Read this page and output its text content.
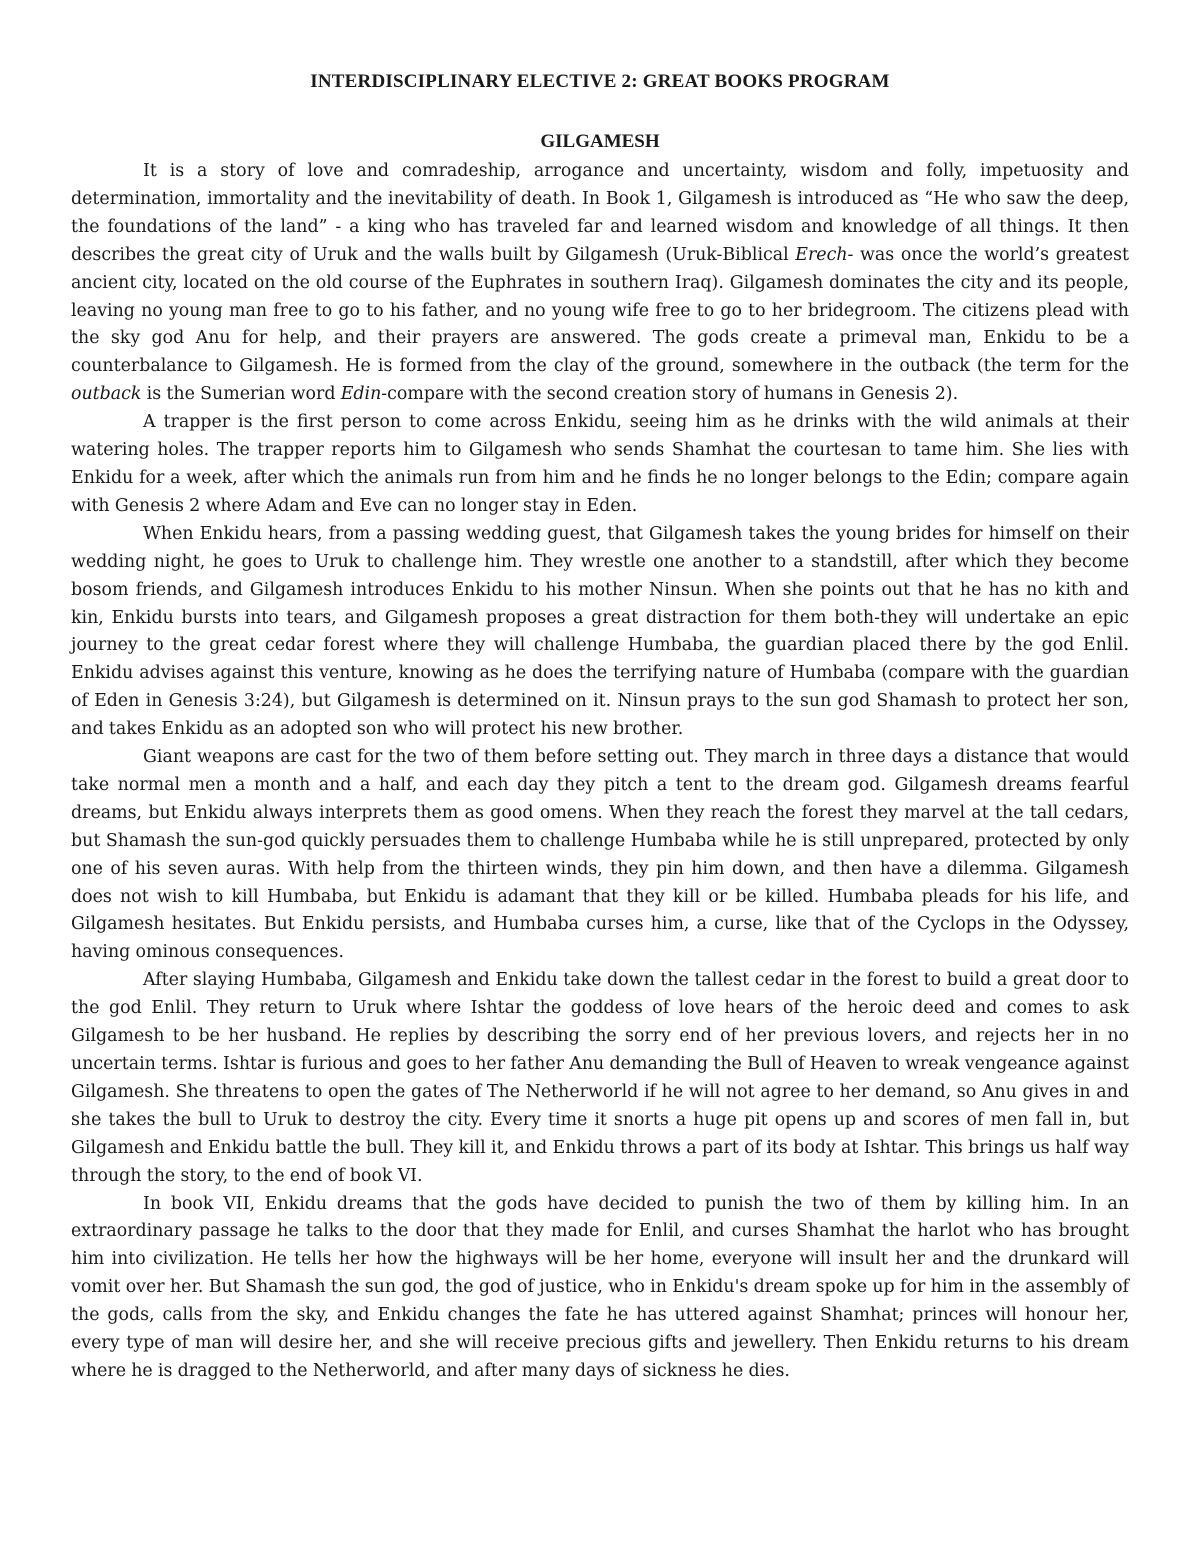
INTERDISCIPLINARY ELECTIVE 2: GREAT BOOKS PROGRAM
GILGAMESH

It is a story of love and comradeship, arrogance and uncertainty, wisdom and folly, impetuosity and determination, immortality and the inevitability of death. In Book 1, Gilgamesh is introduced as “He who saw the deep, the foundations of the land” - a king who has traveled far and learned wisdom and knowledge of all things. It then describes the great city of Uruk and the walls built by Gilgamesh (Uruk-Biblical Erech- was once the world’s greatest ancient city, located on the old course of the Euphrates in southern Iraq). Gilgamesh dominates the city and its people, leaving no young man free to go to his father, and no young wife free to go to her bridegroom. The citizens plead with the sky god Anu for help, and their prayers are answered. The gods create a primeval man, Enkidu to be a counterbalance to Gilgamesh. He is formed from the clay of the ground, somewhere in the outback (the term for the outback is the Sumerian word Edin-compare with the second creation story of humans in Genesis 2).

A trapper is the first person to come across Enkidu, seeing him as he drinks with the wild animals at their watering holes. The trapper reports him to Gilgamesh who sends Shamhat the courtesan to tame him. She lies with Enkidu for a week, after which the animals run from him and he finds he no longer belongs to the Edin; compare again with Genesis 2 where Adam and Eve can no longer stay in Eden.

When Enkidu hears, from a passing wedding guest, that Gilgamesh takes the young brides for himself on their wedding night, he goes to Uruk to challenge him. They wrestle one another to a standstill, after which they become bosom friends, and Gilgamesh introduces Enkidu to his mother Ninsun. When she points out that he has no kith and kin, Enkidu bursts into tears, and Gilgamesh proposes a great distraction for them both-they will undertake an epic journey to the great cedar forest where they will challenge Humbaba, the guardian placed there by the god Enlil. Enkidu advises against this venture, knowing as he does the terrifying nature of Humbaba (compare with the guardian of Eden in Genesis 3:24), but Gilgamesh is determined on it. Ninsun prays to the sun god Shamash to protect her son, and takes Enkidu as an adopted son who will protect his new brother.

Giant weapons are cast for the two of them before setting out. They march in three days a distance that would take normal men a month and a half, and each day they pitch a tent to the dream god. Gilgamesh dreams fearful dreams, but Enkidu always interprets them as good omens. When they reach the forest they marvel at the tall cedars, but Shamash the sun-god quickly persuades them to challenge Humbaba while he is still unprepared, protected by only one of his seven auras. With help from the thirteen winds, they pin him down, and then have a dilemma. Gilgamesh does not wish to kill Humbaba, but Enkidu is adamant that they kill or be killed. Humbaba pleads for his life, and Gilgamesh hesitates. But Enkidu persists, and Humbaba curses him, a curse, like that of the Cyclops in the Odyssey, having ominous consequences.

After slaying Humbaba, Gilgamesh and Enkidu take down the tallest cedar in the forest to build a great door to the god Enlil. They return to Uruk where Ishtar the goddess of love hears of the heroic deed and comes to ask Gilgamesh to be her husband. He replies by describing the sorry end of her previous lovers, and rejects her in no uncertain terms. Ishtar is furious and goes to her father Anu demanding the Bull of Heaven to wreak vengeance against Gilgamesh. She threatens to open the gates of The Netherworld if he will not agree to her demand, so Anu gives in and she takes the bull to Uruk to destroy the city. Every time it snorts a huge pit opens up and scores of men fall in, but Gilgamesh and Enkidu battle the bull. They kill it, and Enkidu throws a part of its body at Ishtar. This brings us half way through the story, to the end of book VI.

In book VII, Enkidu dreams that the gods have decided to punish the two of them by killing him. In an extraordinary passage he talks to the door that they made for Enlil, and curses Shamhat the harlot who has brought him into civilization. He tells her how the highways will be her home, everyone will insult her and the drunkard will vomit over her. But Shamash the sun god, the god of justice, who in Enkidu's dream spoke up for him in the assembly of the gods, calls from the sky, and Enkidu changes the fate he has uttered against Shamhat; princes will honour her, every type of man will desire her, and she will receive precious gifts and jewellery. Then Enkidu returns to his dream where he is dragged to the Netherworld, and after many days of sickness he dies.
